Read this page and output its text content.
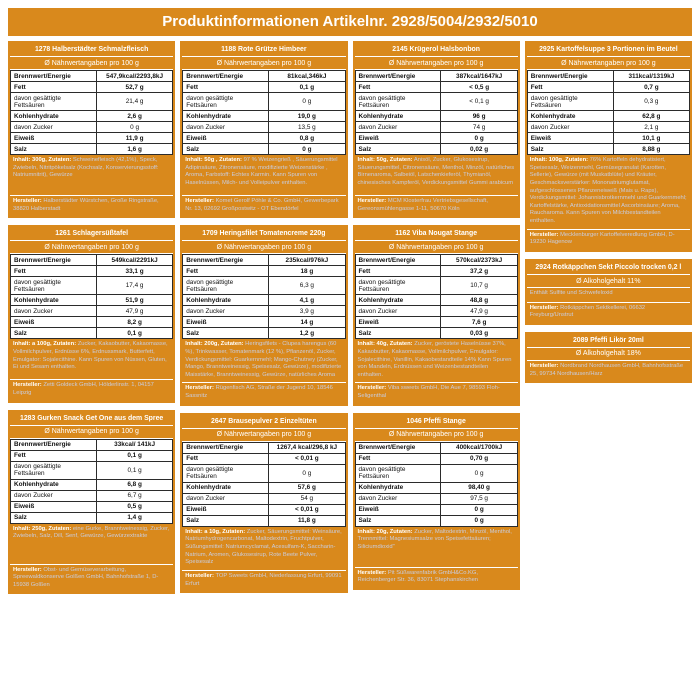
Produktinformationen Artikelnr. 2928/5004/2932/5010
1278 Halberstädter Schmalzfleisch
Ø Nährwertangaben pro 100 g
Brennwert/Energie	547,9kcal/2293,8kJ
Fett	52,7 g
davon gesättigte Fettsäuren	21,4 g
Kohlenhydrate	2,6 g
davon Zucker	0 g
Eiweiß	11,9 g
Salz	1,6 g
Inhalt: 300g, Zutaten: Schweinefleisch (42,1%), Speck, Zwiebeln, Nitritpökelsalz (Kochsalz, Konservierungsstoff: Natriumnitrit), Gewürze
Hersteller: Halberstädter Würstchen, Große Ringstraße, 38820 Halberstadt
1261 Schlagersüßtafel
Ø Nährwertangaben pro 100 g
Brennwert/Energie	549kcal/2291kJ
Fett	33,1 g
davon gesättigte Fettsäuren	17,4 g
Kohlenhydrate	51,9 g
davon Zucker	47,9 g
Eiweiß	8,2 g
Salz	0,1 g
Inhalt: a 100g, Zutaten: Zucker, Kakaobutter, Kakaomasse, Vollmilchpulver, Erdnüsse 6%, Erdnussmark, Butterfett, Emulgator: Sojalecithine. Kann Spuren von Nüssen, Gluten, Ei und Sesam enthalten.
Hersteller: Zetti Goldeck GmbH, Hölderlinstr. 1, 04157 Leipzig
1283 Gurken Snack Get One aus dem Spree
Ø Nährwertangaben pro 100 g
Brennwert/Energie	33kcal/ 141kJ
Fett	0,1 g
davon gesättigte Fettsäuren	0,1 g
Kohlenhydrate	6,8 g
davon Zucker	6,7 g
Eiweiß	0,5 g
Salz	1,4 g
Inhalt: 250g, Zutaten: eine Gurke, Branntweinessig, Zucker, Zwiebeln, Salz, Dill, Senf, Gewürze, Gewürzextrakte
Hersteller: Obst- und Gemüseverarbeitung, Spreewaldkonserve Golßen GmbH, Bahnhofstraße 1, D-15938 Golßen
1188 Rote Grütze Himbeer
Ø Nährwertangaben pro 100 g
Brennwert/Energie	81kcal,346kJ
Fett	0,1 g
davon gesättigte Fettsäuren	0 g
Kohlenhydrate	19,0 g
davon Zucker	13,5 g
Eiweiß	0,8 g
Salz	0 g
Inhalt: 50g , Zutaten: 97 % Weizengrieß , Säuerungsmittel Adipinsäure, Zitronensäure, modifizierte Weizenstärke , Aroma, Farbstoff: Echtes Karmin. Kann Spuren von Haselnüssen, Milch- und Volleipulver enthalten.
Hersteller: Komet Gerolf Pöhle & Co. GmbH, Gewerbepark Nr. 13, 02692 Großpostwitz - OT Ebendörfel
1709 Heringsfilet Tomatencreme 220g
Ø Nährwertangaben pro 100 g
Brennwert/Energie	235kcal/976kJ
Fett	18 g
davon gesättigte Fettsäuren	6,3 g
Kohlenhydrate	4,1 g
davon Zucker	3,9 g
Eiweiß	14 g
Salz	1,2 g
Inhalt: 200g, Zutaten: Heringsfilets - Clupea harengus (60 %), Trinkwasser, Tomatenmark (12 %), Pflanzenöl, Zucker, Verdickungsmittel: Guarkernmehl; Mango-Chutney (Zucker, Mango, Branntweinessig, Speisesalz, Gewürze), modifizierte Maisstärke, Branntweinessig, Gewürze, natürliches Aroma
Hersteller: Rügenfisch AG, Straße der Jugend 10, 18546 Sassnitz
2647 Brausepulver 2 Einzeltüten
Ø Nährwertangaben pro 100 g
Brennwert/Energie	1267,4 kcal/296,8 kJ
Fett	< 0,01 g
davon gesättigte Fettsäuren	0 g
Kohlenhydrate	57,6 g
davon Zucker	54 g
Eiweiß	< 0,01 g
Salz	11,8 g
Inhalt: a 10g, Zutaten: Zucker, Säuerungsmittel: Weinsäure, Natriumhydrogencarbonat, Maltodextrin, Fruchtpulver, Süßungsmittel: Natriumcyclamat, Acesulfam-K, Saccharin-Natrium, Aromen, Glukosesirup, Rote Beete Pulver, Speisesalz
Hersteller: TOP Sweets GmbH, Niederlassung Erfurt, 99091 Erfurt
2145 Krügerol Halsbonbon
Ø Nährwertangaben pro 100 g
Brennwert/Energie	387kcal/1647kJ
Fett	< 0,5 g
davon gesättigte Fettsäuren	< 0,1 g
Kohlenhydrate	96 g
davon Zucker	74 g
Eiweiß	0 g
Salz	0,02 g
Inhalt: 50g, Zutaten: Anisöl, Zucker, Glukosesirup, Säuerungsmittel, Citronensäure, Menthol, Minzöl, natürliches Birnenaroma, Salbeiöl, Latschenkieferöl, Thymianöl, chinesisches Kampferöl, Verdickungsmittel Gummi arabicum
Hersteller: MCM Klosterfrau Vertriebsgesellschaft, Gereonsmühlengasse 1-11, 50670 Köln
1162 Viba Nougat Stange
Ø Nährwertangaben pro 100 g
Brennwert/Energie	570kcal/2373kJ
Fett	37,2 g
davon gesättigte Fettsäuren	10,7 g
Kohlenhydrate	48,8 g
davon Zucker	47,9 g
Eiweiß	7,6 g
Salz	0,03 g
Inhalt: 40g, Zutaten: Zucker, geröstete Haselnüsse 37%, Kakaobutter, Kakaomasse, Vollmilchpulver, Emulgator: Sojalecithine, Vanillin, Kakaobestandteile 14% Kann Spuren von Mandeln, Erdnüssen und Weizenbestandteilen enthalten.
Hersteller: Viba sweets GmbH, Die Aue 7, 98593 Floh-Seligenthal
1046 Pfeffi Stange
Ø Nährwertangaben pro 100 g
Brennwert/Energie	400kcal/1700kJ
Fett	0,70 g
davon gesättigte Fettsäuren	0 g
Kohlenhydrate	98,40 g
davon Zucker	97,5 g
Eiweiß	0 g
Salz	0 g
Inhalt: 20g, Zutaten: Zucker, Maltodextrin, Minzöl, Menthol, Trennmittel: Magnesiumsalze von Speisefettsäuren; Siliciumdioxid"
Hersteller: Pit Süßwarenfabrik GmbH&Co.KG, Reichenberger Str. 36, 83071 Stephanskirchen
2925 Kartoffelsuppe 3 Portionen im Beutel
Ø Nährwertangaben pro 100 g
Brennwert/Energie	311kcal/1319kJ
Fett	0,7 g
davon gesättigte Fettsäuren	0,3 g
Kohlenhydrate	62,8 g
davon Zucker	2,1 g
Eiweiß	10,1 g
Salz	8,88 g
Inhalt: 100g, Zutaten: 76% Kartoffeln dehydratisiert, Speisesalz, Weizenmehl, Gemüsegranulat (Karotten, Sellerie), Gewürze (mit Muskatblüte) und Kräuter, Geschmacksverstärker: Mononatriumglutamat, aufgeschlossenes Pflanzeneiweiß (Mais u. Raps), Verdickungsmittel: Johannisbrotkernmehl und Guarkernmehl; Kartoffelstärke, Antioxidationsmittel Ascorbinsäure; Aroma, Raucharoma. Kann Spuren von Milchbestandteilen enthalten.
Hersteller: Mecklenburger Kartoffelveredlung GmbH, D-19230 Hagenow
2924 Rotkäppchen Sekt Piccolo trocken 0,2 l
Ø Alkoholgehalt 11%
Enthält Sulfite und Schwefeloxid
Hersteller: Rotkäppchen Sektkellerei, 06632 Freyburg/Unstrut
2089 Pfeffi Likör 20ml
Ø Alkoholgehalt 18%
Hersteller: Nordbrand Nordhausen GmbH, Bahnhofsstraße 25, 99734 Nordhausen/Harz
